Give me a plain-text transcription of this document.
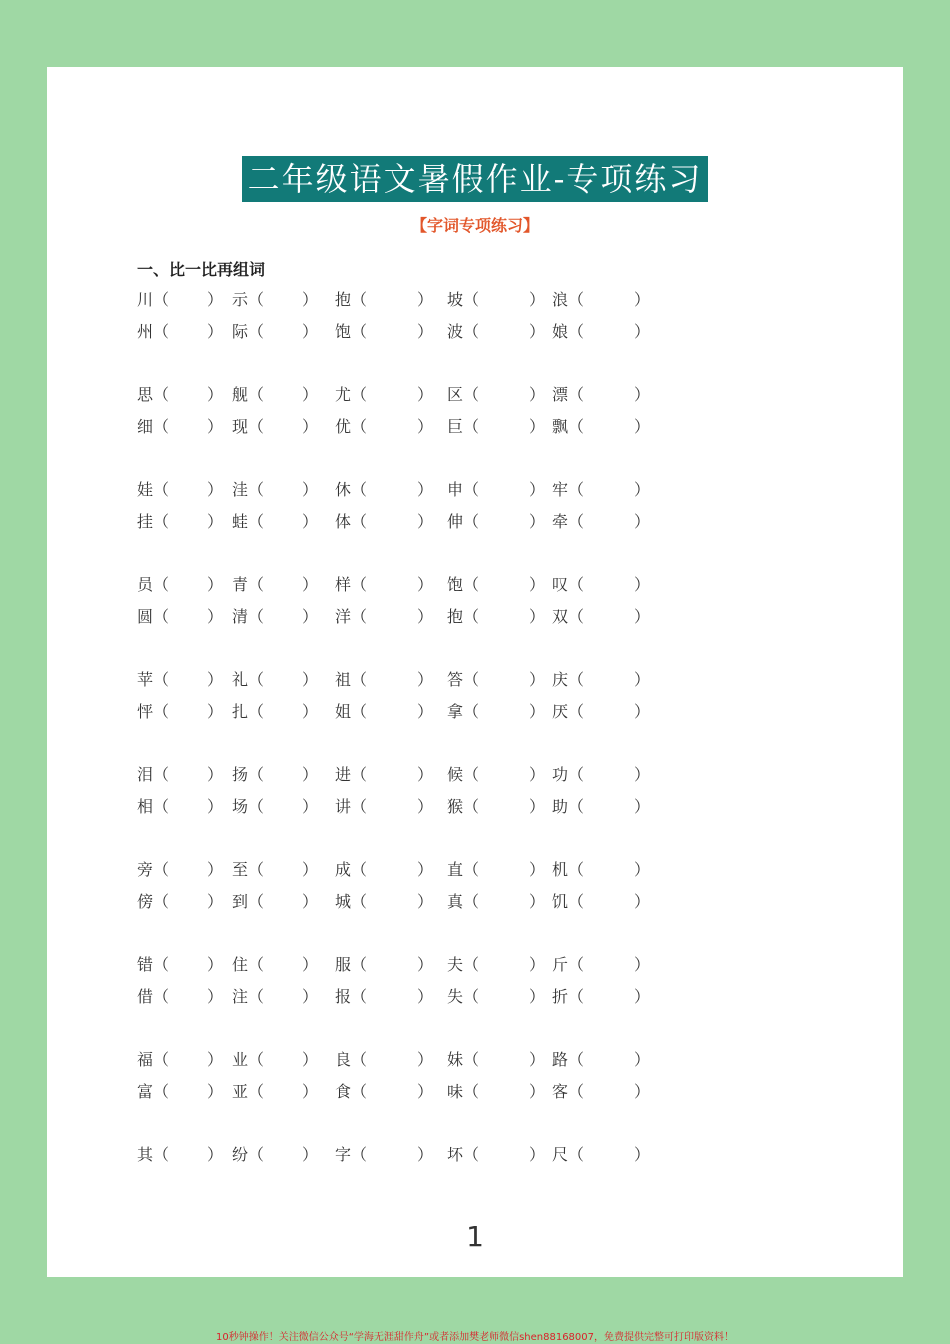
二年级语文暑假作业-专项练习
【字词专项练习】
一、比一比再组词
川（ ） 示（ ） 抱（	） 坡（	） 浪（	）
州（ ） 际（ ） 饱（	） 波（	） 娘（	）
思（ ） 舰（ ） 尤（	） 区（	） 漂（	）
细（ ） 现（ ） 优（	） 巨（	） 飘（	）
娃（ ） 洼（ ） 休（	） 申（	） 牢（	）
挂（ ） 蛙（ ） 体（	） 伸（	） 牵（	）
员（ ） 青（ ） 样（	） 饱（	） 叹（	）
圆（ ） 清（ ） 洋（	） 抱（	） 双（	）
苹（ ） 礼（ ） 祖（	） 答（	） 庆（	）
怦（ ） 扎（ ） 姐（	） 拿（	） 厌（	）
泪（ ） 扬（ ） 进（	） 候（	） 功（	）
相（ ） 场（ ） 讲（	） 猴（	） 助（	）
旁（ ） 至（ ） 成（	） 直（	） 机（	）
傍（ ） 到（ ） 城（	） 真（	） 饥（	）
错（ ） 住（ ） 服（	） 夫（	） 斤（	）
借（ ） 注（ ） 报（	） 失（	） 折（	）
福（ ） 业（ ） 良（	） 妹（	） 路（	）
富（ ） 亚（ ） 食（	） 味（	） 客（	）
其（ ） 纷（ ） 字（	） 坏（	） 尺（	）
1
10秒钟操作！关注微信公众号“学海无涯甜作舟”或者添加樊老师微信shen88168007，免费提供完整可打印版资料！
